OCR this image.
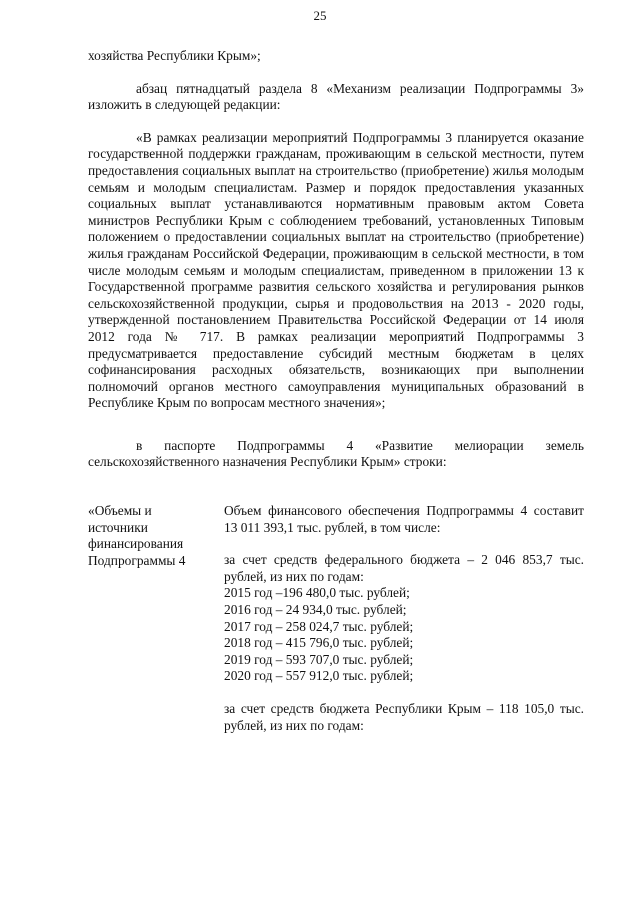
25

хозяйства Республики Крым»;

абзац пятнадцатый раздела 8 «Механизм реализации Подпрограммы 3» изложить в следующей редакции:

«В рамках реализации мероприятий Подпрограммы 3 планируется оказание государственной поддержки гражданам, проживающим в сельской местности, путем предоставления социальных выплат на строительство (приобретение) жилья молодым семьям и молодым специалистам. Размер и порядок предоставления указанных социальных выплат устанавливаются нормативным правовым актом Совета министров Республики Крым с соблюдением требований, установленных Типовым положением о предоставлении социальных выплат на строительство (приобретение) жилья гражданам Российской Федерации, проживающим в сельской местности, в том числе молодым семьям и молодым специалистам, приведенном в приложении 13 к Государственной программе развития сельского хозяйства и регулирования рынков сельскохозяйственной продукции, сырья и продовольствия на 2013 - 2020 годы, утвержденной постановлением Правительства Российской Федерации от 14 июля 2012 года № 717. В рамках реализации мероприятий Подпрограммы 3 предусматривается предоставление субсидий местным бюджетам в целях софинансирования расходных обязательств, возникающих при выполнении полномочий органов местного самоуправления муниципальных образований в Республике Крым по вопросам местного значения»;

в паспорте Подпрограммы 4 «Развитие мелиорации земель сельскохозяйственного назначения Республики Крым» строки:

«Объемы и
источники
финансирования
Подпрограммы 4

Объем финансового обеспечения Подпрограммы 4 составит 13 011 393,1 тыс. рублей, в том числе:

за счет средств федерального бюджета – 2 046 853,7 тыс. рублей, из них по годам:

2015 год –196 480,0 тыс. рублей;
2016 год – 24 934,0 тыс. рублей;
2017 год – 258 024,7 тыс. рублей;
2018 год – 415 796,0 тыс. рублей;
2019 год – 593 707,0 тыс. рублей;
2020 год – 557 912,0 тыс. рублей;

за счет средств бюджета Республики Крым – 118 105,0 тыс. рублей, из них по годам:
